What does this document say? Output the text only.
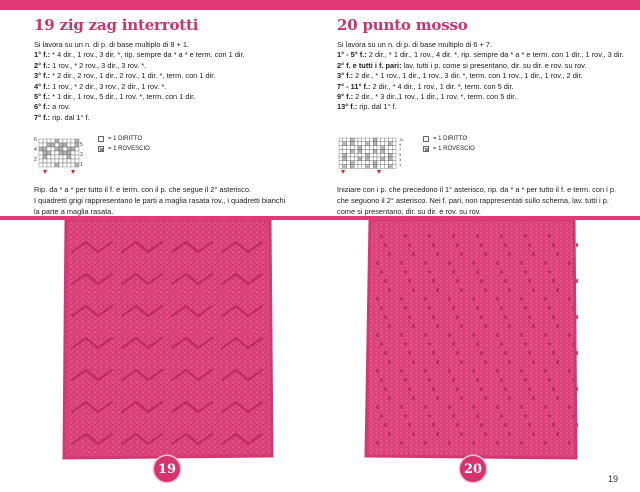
19 zig zag interrotti
Si lavora su un n. di p. di base multiplo di 8 + 1.
1° f.: * 4 dir., 1 rov., 3 dir. *, rip. sempre da * a * e term. con 1 dir.
2° f.: 1 rov., * 2 rov., 3 dir., 3 rov. *.
3° f.: * 2 dir., 2 rov., 1 dir., 2 rov., 1 dir. *, term. con 1 dir.
4° f.: 1 rov., * 2 dir., 3 rov., 2 dir., 1 rov. *.
5° f.: * 1 dir., 1 rov., 5 dir., 1 rov. *, term. con 1 dir.
6° f.: a rov.
7° f.: rip. dal 1° f.
6
4
2
5
3
1
= 1 DIRITTO
= 1 ROVESCIO
Rip. da * a * per tutto il f. e term. con il p. che segue il 2° asterisco.
I quadretti grigi rappresentano le parti a maglia rasata rov., i quadretti bianchi
la parte a maglia rasata.
20 punto mosso
Si lavora su un n. di p. di base multiplo di 6 + 7.
1° - 5° f.: 2 dir., * 1 dir., 1 rov., 4 dir. *, rip. sempre da * a * e term. con 1 dir., 1 rov., 3 dir.
2° f. e tutti i f. pari: lav. tutti i p. come si presentano, dir. su dir. e rov. su rov.
3° f.: 2 dir., * 1 rov., 1 dir., 1 rov., 3 dir. *, term. con 1 rov., 1 dir., 1 rov., 2 dir.
7° - 11° f.: 2 dir., * 4 dir., 1 rov., 1 dir. *, term. con 5 dir.
9° f.: 2 dir., * 3 dir.,1 rov., 1 dir., 1 rov. *, term. con 5 dir.
13° f.: rip. dal 1° f.
11
9
7
5
3
1
= 1 DIRITTO
= 1 ROVESCIO
Iniziare con i p. che precedono il 1° asterisco, rip. da * a * per tutto il f. e term. con i p.
che seguono il 2° asterisco. Nei f. pari, non rappresentati sullo schema, lav. tutti i p.
come si presentano, dir. su dir. e rov. su rov.
19	20
19
